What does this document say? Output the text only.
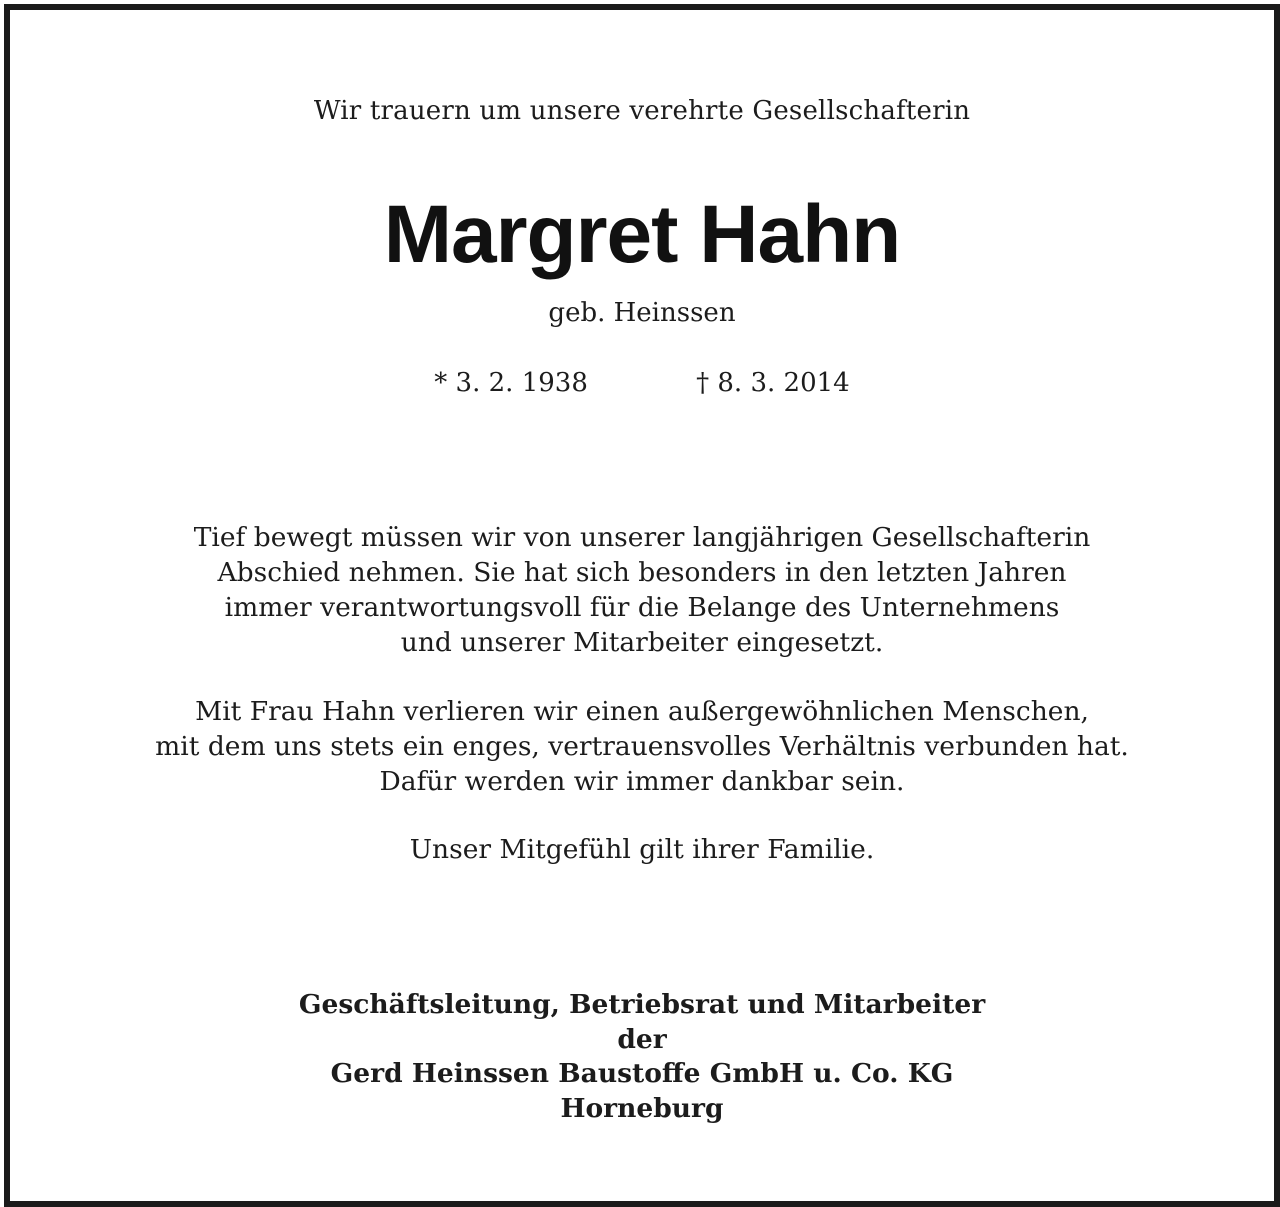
Wir trauern um unsere verehrte Gesellschafterin
Margret Hahn
geb. Heinssen
* 3. 2. 1938	† 8. 3. 2014
Tief bewegt müssen wir von unserer langjährigen Gesellschafterin
Abschied nehmen. Sie hat sich besonders in den letzten Jahren
immer verantwortungsvoll für die Belange des Unternehmens
und unserer Mitarbeiter eingesetzt.
Mit Frau Hahn verlieren wir einen außergewöhnlichen Menschen,
mit dem uns stets ein enges, vertrauensvolles Verhältnis verbunden hat.
Dafür werden wir immer dankbar sein.
Unser Mitgefühl gilt ihrer Familie.
Geschäftsleitung, Betriebsrat und Mitarbeiter
der
Gerd Heinssen Baustoffe GmbH u. Co. KG
Horneburg
